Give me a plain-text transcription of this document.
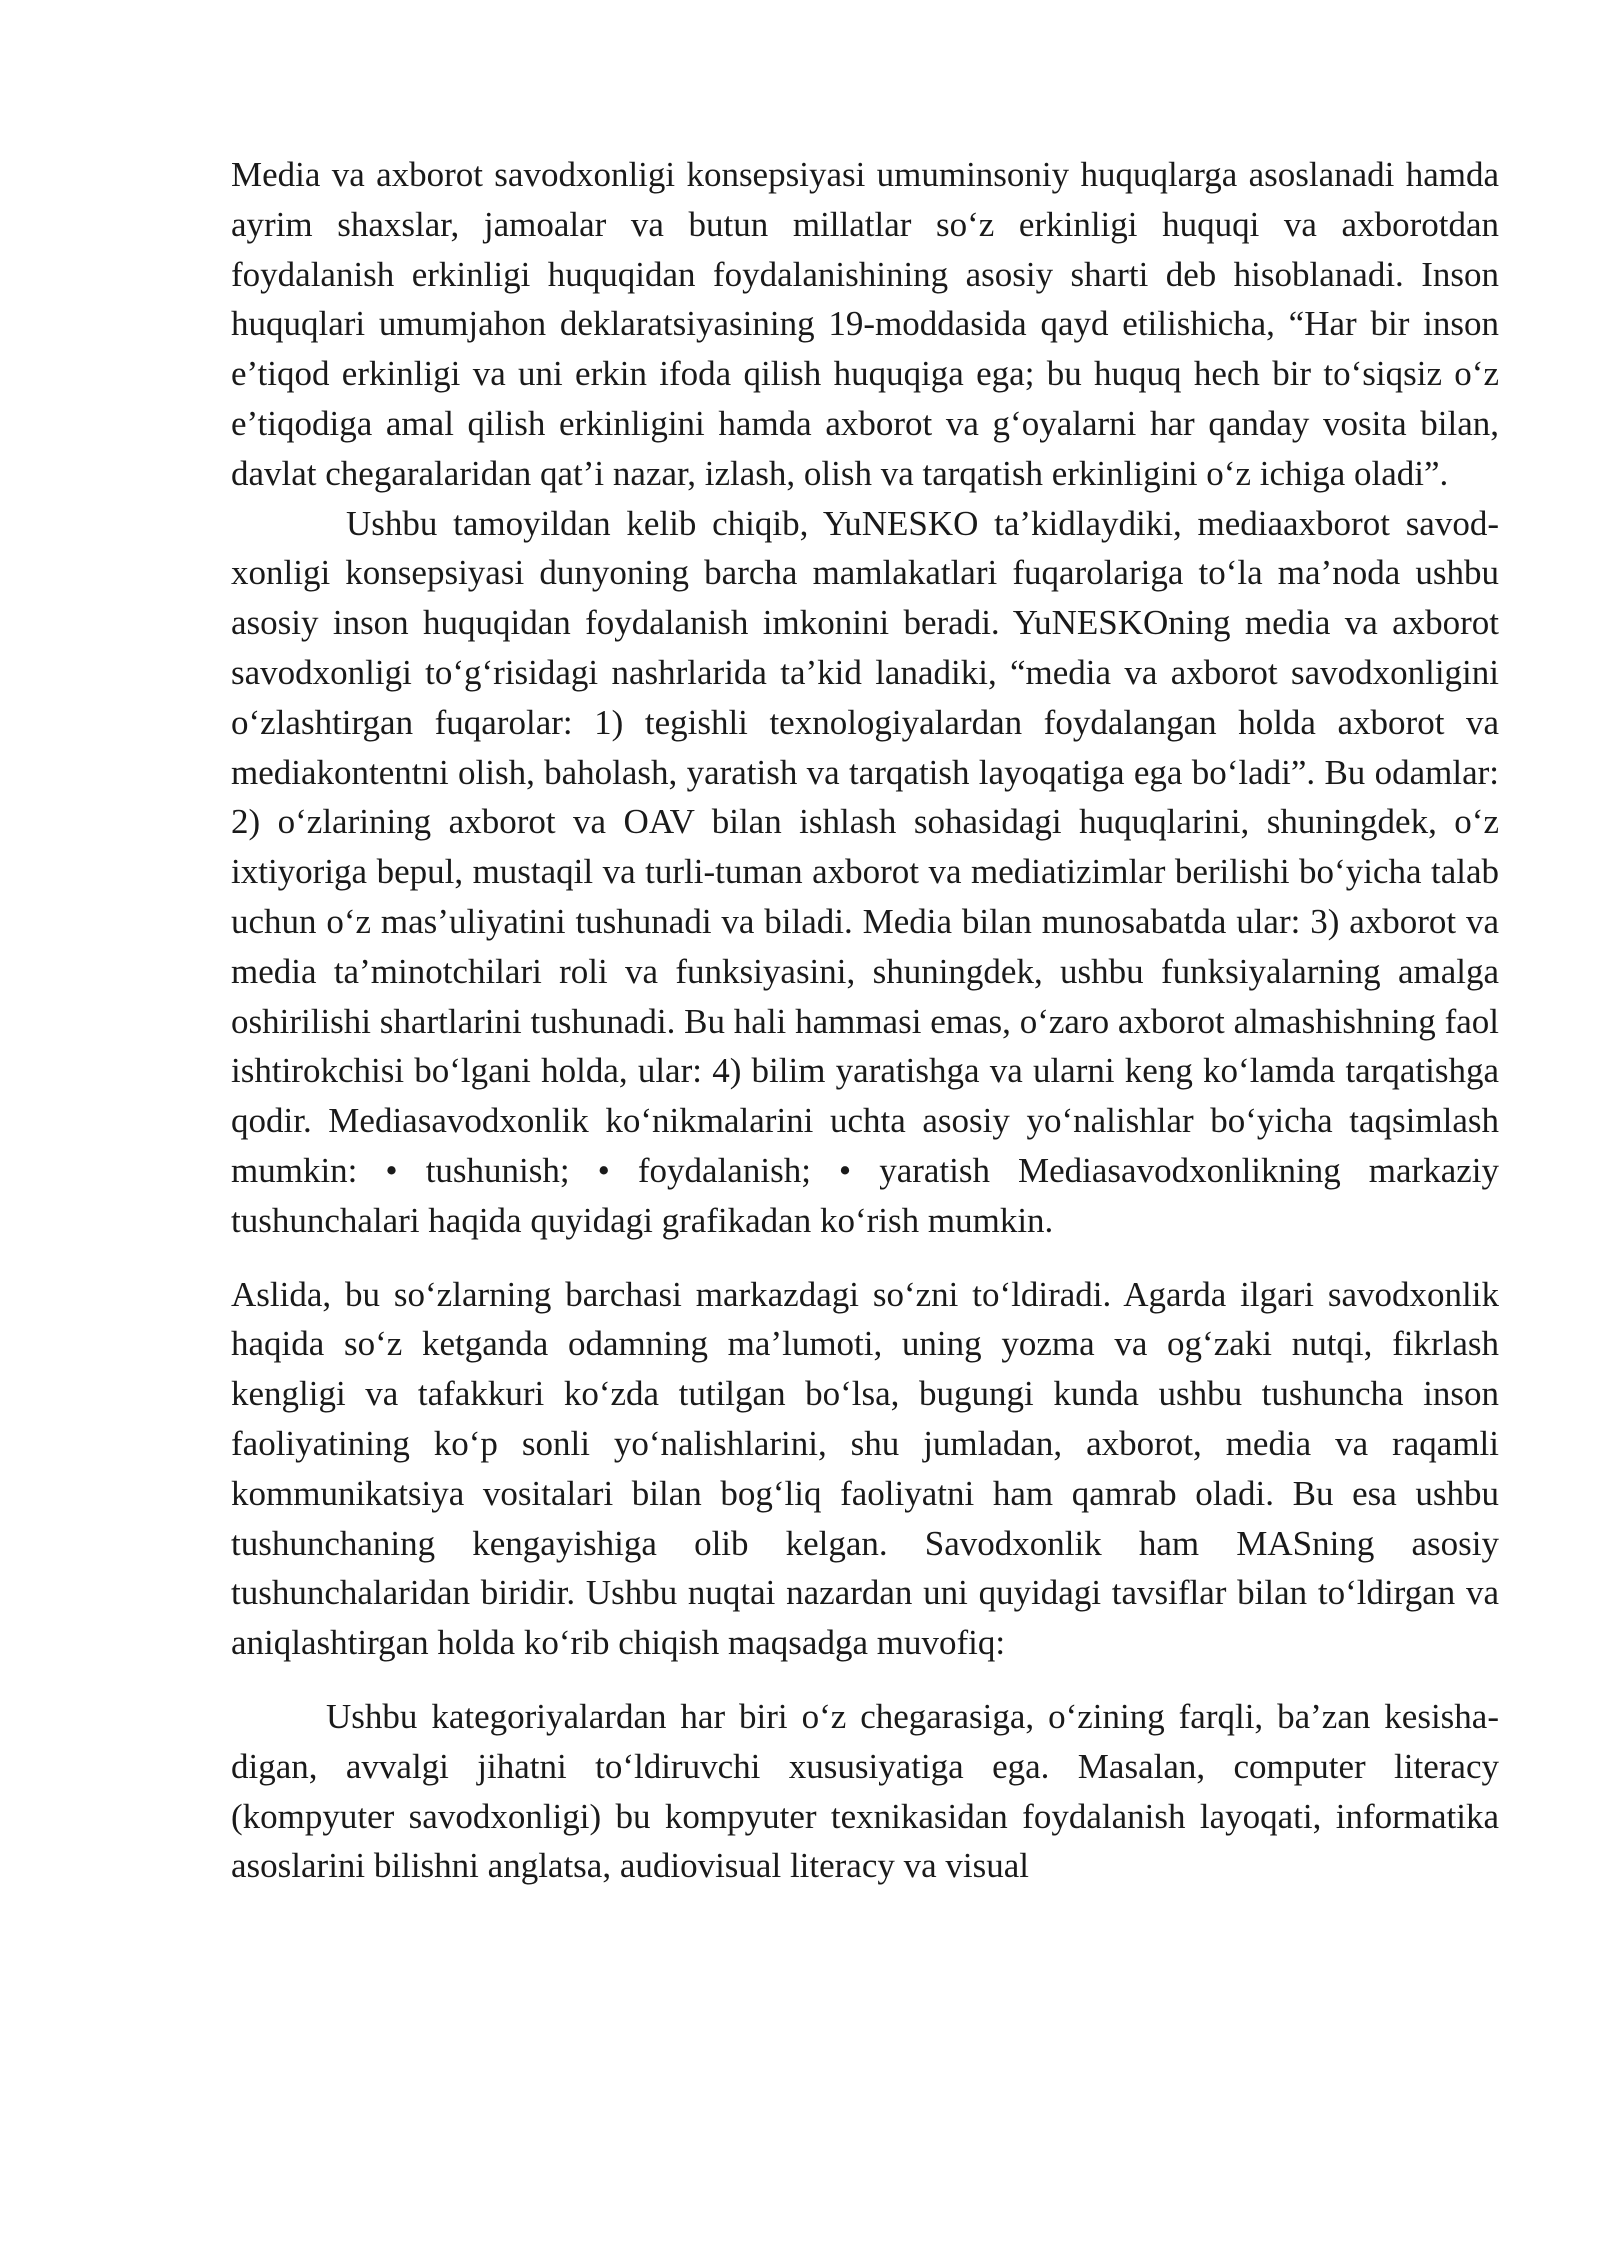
Media va axborot savodxonligi konsepsiyasi umuminsoniy huquqlarga asoslanadi hamda ayrim shaxslar, jamoalar va butun millatlar so‘z erkinligi huquqi va axborotdan foydalanish erkinligi huquqidan foydalanishining asosiy sharti deb hisoblanadi. Inson huquqlari umumjahon deklaratsiyasining 19-moddasida qayd etilishicha, “Har bir inson e’tiqod erkinligi va uni erkin ifoda qilish huquqiga ega; bu huquq hech bir to‘siqsiz o‘z e’tiqodiga amal qilish erkinligini hamda axborot va g‘oyalarni har qanday vosita bilan, davlat chegaralaridan qat’i nazar, izlash, olish va tarqatish erkinligini o‘z ichiga oladi”.

Ushbu tamoyildan kelib chiqib, YuNESKO ta’kidlaydiki, mediaaxborot savod-xonligi konsepsiyasi dunyoning barcha mamlakatlari fuqarolariga to‘la ma’noda ushbu asosiy inson huquqidan foydalanish imkonini beradi. YuNESKOning media va axborot savodxonligi to‘g‘risidagi nashrlarida ta’kid lanadiki, “media va axborot savodxonligini o‘zlashtirgan fuqarolar: 1) tegishli texnologiyalardan foydalangan holda axborot va mediakontentni olish, baholash, yaratish va tarqatish layoqatiga ega bo‘ladi”. Bu odamlar: 2) o‘zlarining axborot va OAV bilan ishlash sohasidagi huquqlarini, shuningdek, o‘z ixtiyoriga bepul, mustaqil va turli-tuman axborot va mediatizimlar berilishi bo‘yicha talab uchun o‘z mas’uliyatini tushunadi va biladi. Media bilan munosabatda ular: 3) axborot va media ta’minotchilari roli va funksiyasini, shuningdek, ushbu funksiyalarning amalga oshirilishi shartlarini tushunadi. Bu hali hammasi emas, o‘zaro axborot almashishning faol ishtirokchisi bo‘lgani holda, ular: 4) bilim yaratishga va ularni keng ko‘lamda tarqatishga qodir. Mediasavodxonlik ko‘nikmalarini uchta asosiy yo‘nalishlar bo‘yicha taqsimlash mumkin: • tushunish; • foydalanish; • yaratish Mediasavodxonlikning markaziy tushunchalari haqida quyidagi grafikadan ko‘rish mumkin.

Aslida, bu so‘zlarning barchasi markazdagi so‘zni to‘ldiradi. Agarda ilgari savodxonlik haqida so‘z ketganda odamning ma’lumoti, uning yozma va og‘zaki nutqi, fikrlash kengligi va tafakkuri ko‘zda tutilgan bo‘lsa, bugungi kunda ushbu tushuncha inson faoliyatining ko‘p sonli yo‘nalishlarini, shu jumladan, axborot, media va raqamli kommunikatsiya vositalari bilan bog‘liq faoliyatni ham qamrab oladi. Bu esa ushbu tushunchaning kengayishiga olib kelgan. Savodxonlik ham MASning asosiy tushunchalaridan biridir. Ushbu nuqtai nazardan uni quyidagi tavsiflar bilan to‘ldirgan va aniqlashtirgan holda ko‘rib chiqish maqsadga muvofiq:

Ushbu kategoriyalardan har biri o‘z chegarasiga, o‘zining farqli, ba’zan kesisha-digan, avvalgi jihatni to‘ldiruvchi xususiyatiga ega. Masalan, computer literacy (kompyuter savodxonligi) bu kompyuter texnikasidan foydalanish layoqati, informatika asoslarini bilishni anglatsa, audiovisual literacy va visual
